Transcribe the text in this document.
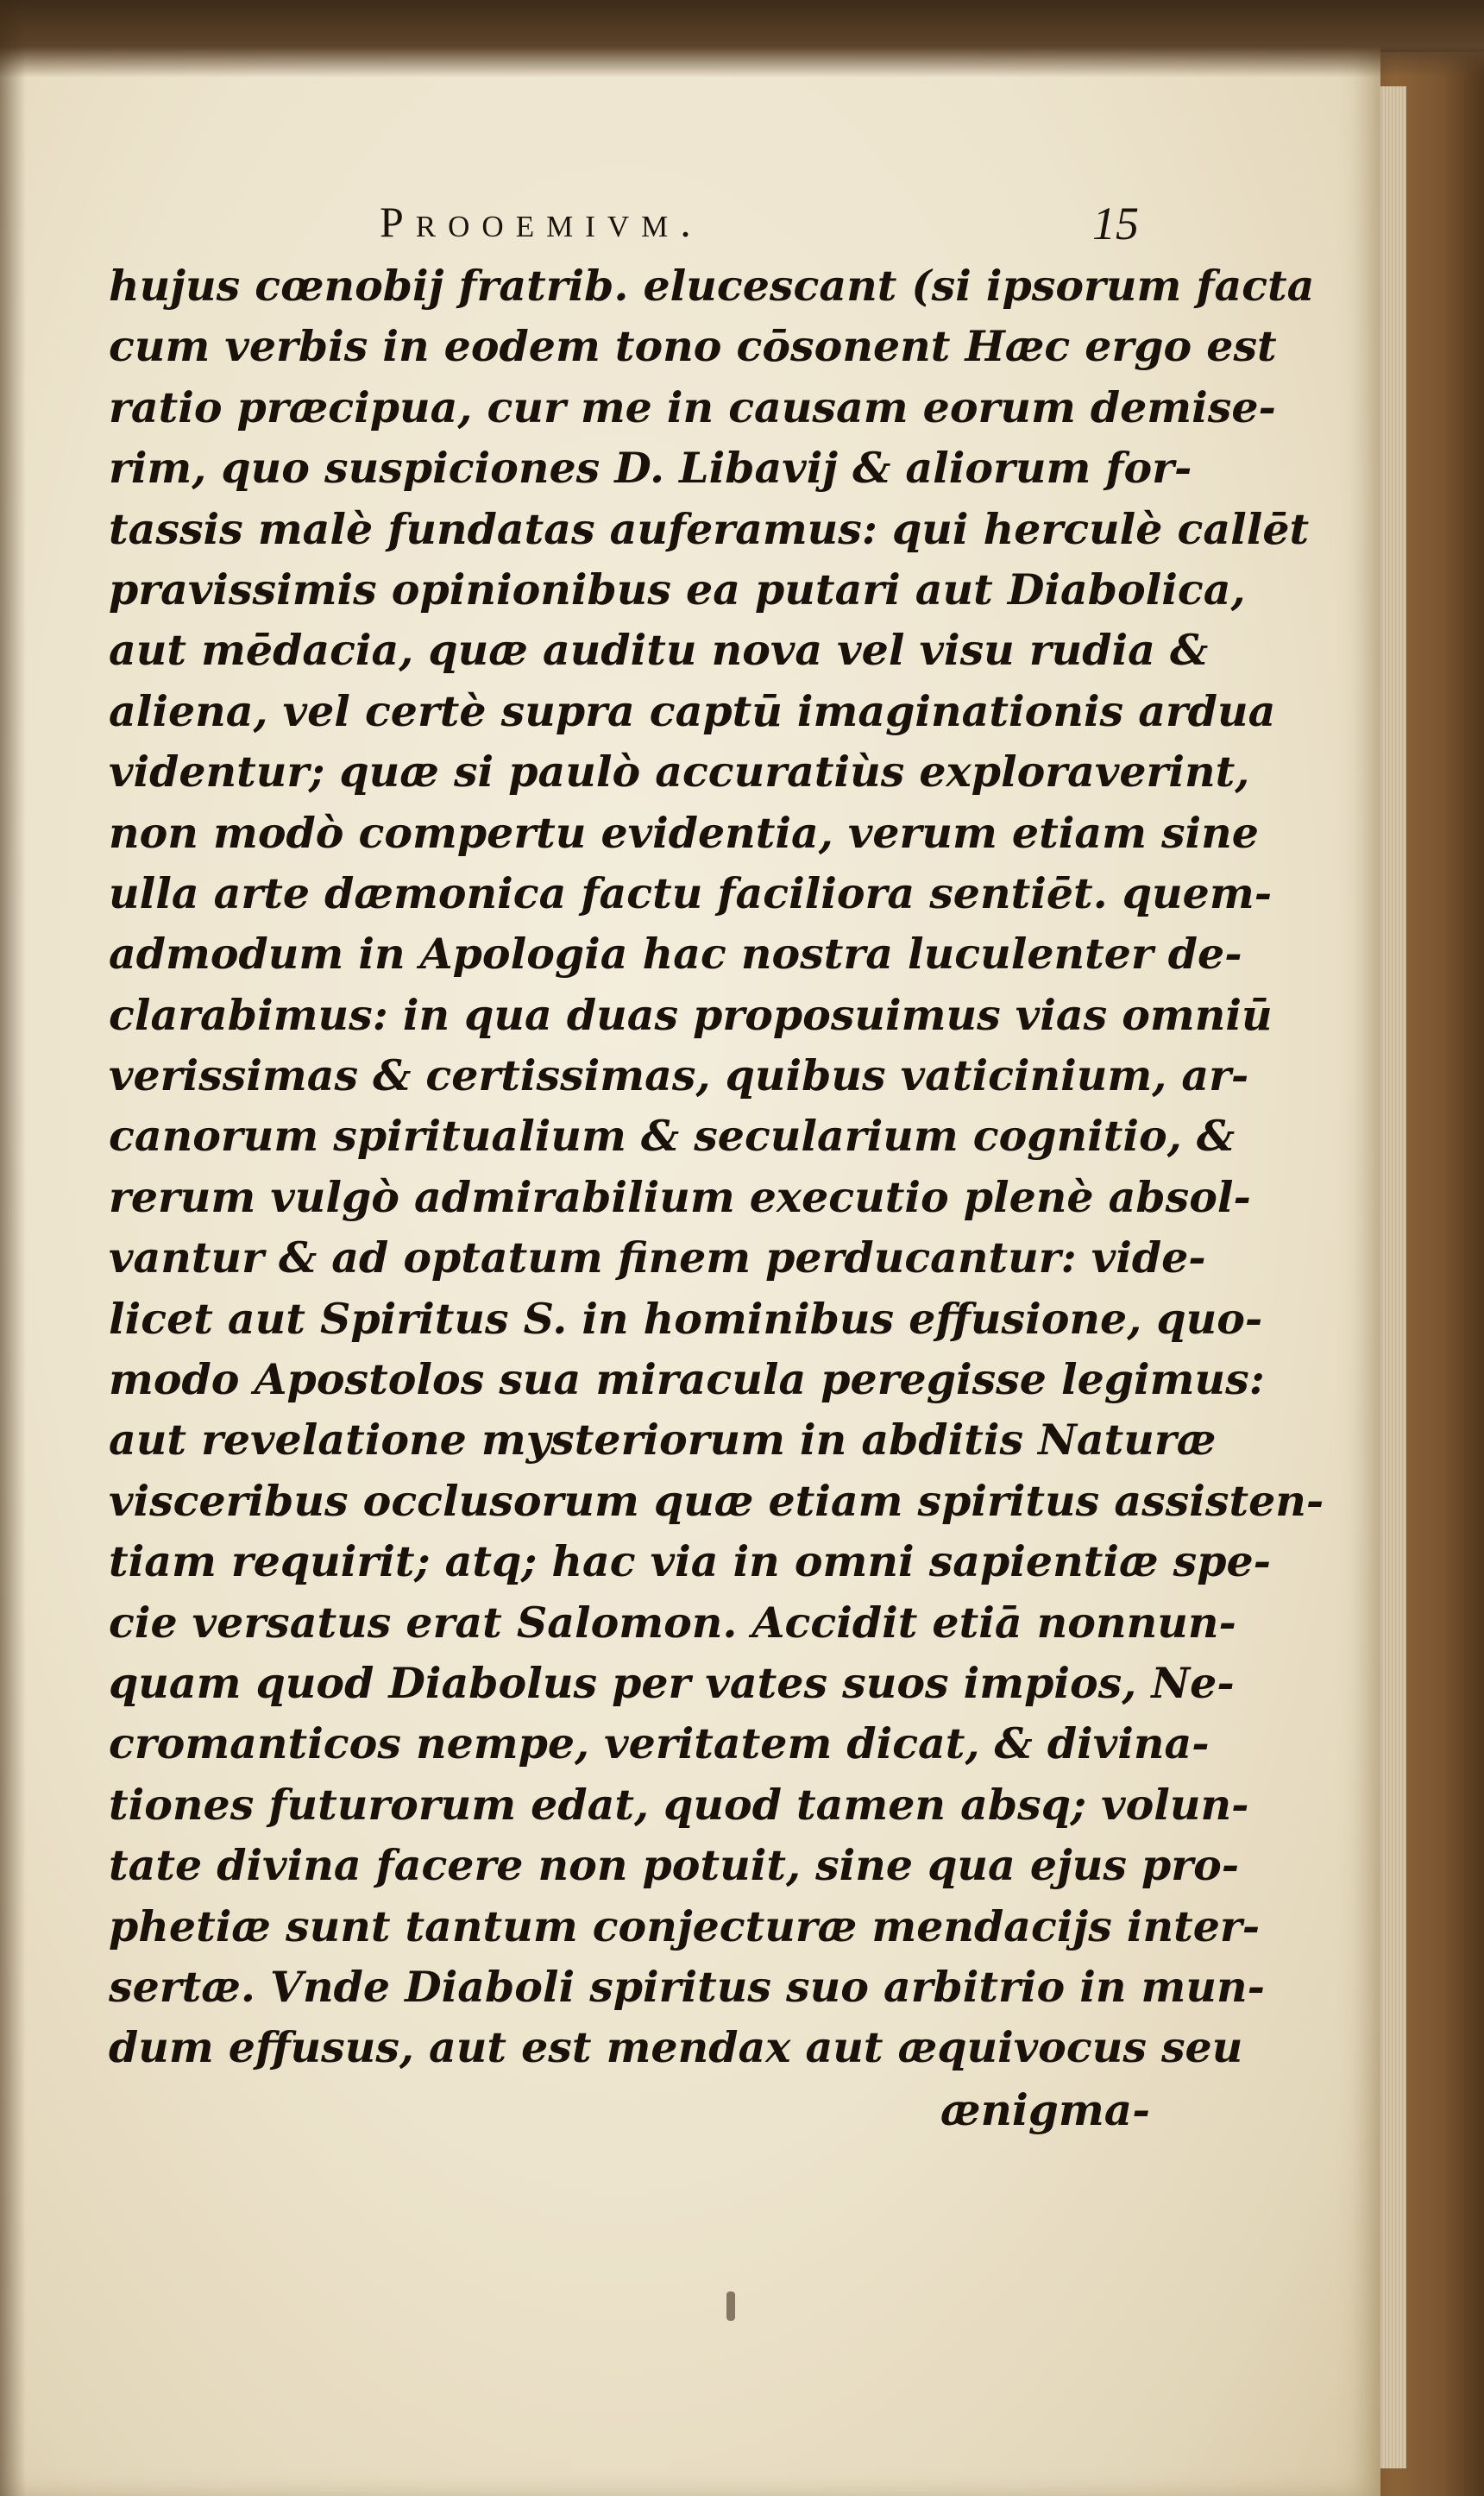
Prooemivm.	15
hujus cœnobij fratrib. elucescant (si ipsorum facta
cum verbis in eodem tono cōsonent Hæc ergo est
ratio præcipua, cur me in causam eorum demise-
rim, quo suspiciones D. Libavij & aliorum for-
tassis malè fundatas auferamus: qui herculè callēt
pravissimis opinionibus ea putari aut Diabolica,
aut mēdacia, quæ auditu nova vel visu rudia &
aliena, vel certè supra captū imaginationis ardua
videntur; quæ si paulò accuratiùs exploraverint,
non modò compertu evidentia, verum etiam sine
ulla arte dæmonica factu faciliora sentiēt. quem-
admodum in Apologia hac nostra luculenter de-
clarabimus: in qua duas proposuimus vias omniū
verissimas & certissimas, quibus vaticinium, ar-
canorum spiritualium & secularium cognitio, &
rerum vulgò admirabilium executio plenè absol-
vantur & ad optatum finem perducantur: vide-
licet aut Spiritus S. in hominibus effusione, quo-
modo Apostolos sua miracula peregisse legimus:
aut revelatione mysteriorum in abditis Naturæ
visceribus occlusorum quæ etiam spiritus assisten-
tiam requirit; atq; hac via in omni sapientiæ spe-
cie versatus erat Salomon. Accidit etiā nonnun-
quam quod Diabolus per vates suos impios, Ne-
cromanticos nempe, veritatem dicat, & divina-
tiones futurorum edat, quod tamen absq; volun-
tate divina facere non potuit, sine qua ejus pro-
phetiæ sunt tantum conjecturæ mendacijs inter-
sertæ. Vnde Diaboli spiritus suo arbitrio in mun-
dum effusus, aut est mendax aut æquivocus seu
ænigma-
